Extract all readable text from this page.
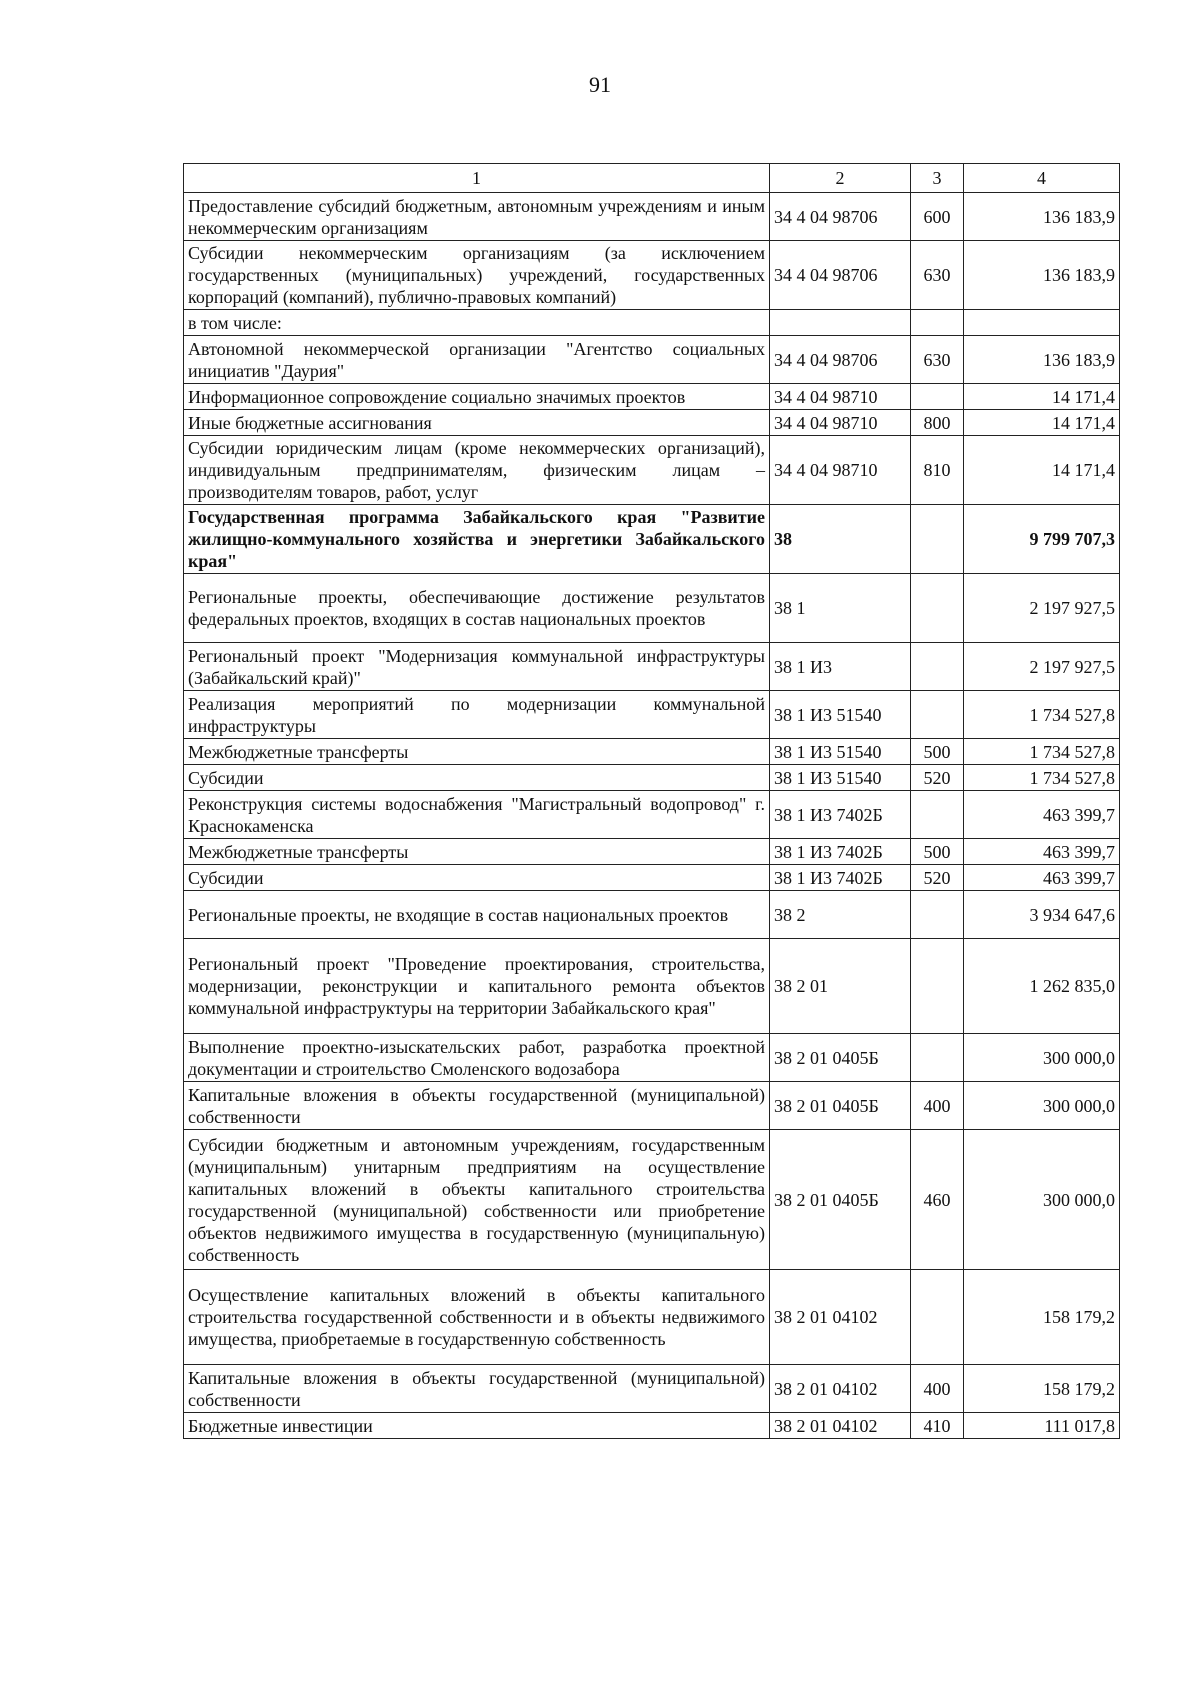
91
1	2	3	4
Предоставление субсидий бюджетным, автономным учреждениям и иным некоммерческим организациям	34 4 04 98706	600	136 183,9
Субсидии некоммерческим организациям (за исключением государственных (муниципальных) учреждений, государственных корпораций (компаний), публично-правовых компаний)	34 4 04 98706	630	136 183,9
в том числе:			
Автономной некоммерческой организации "Агентство социальных инициатив "Даурия"	34 4 04 98706	630	136 183,9
Информационное сопровождение социально значимых проектов	34 4 04 98710		14 171,4
Иные бюджетные ассигнования	34 4 04 98710	800	14 171,4
Субсидии юридическим лицам (кроме некоммерческих организаций), индивидуальным предпринимателям, физическим лицам – производителям товаров, работ, услуг	34 4 04 98710	810	14 171,4
Государственная программа Забайкальского края "Развитие жилищно-коммунального хозяйства и энергетики Забайкальского края"	38		9 799 707,3
Региональные проекты, обеспечивающие достижение результатов федеральных проектов, входящих в состав национальных проектов	38 1		2 197 927,5
Региональный проект "Модернизация коммунальной инфраструктуры (Забайкальский край)"	38 1 И3		2 197 927,5
Реализация мероприятий по модернизации коммунальной инфраструктуры	38 1 И3 51540		1 734 527,8
Межбюджетные трансферты	38 1 И3 51540	500	1 734 527,8
Субсидии	38 1 И3 51540	520	1 734 527,8
Реконструкция системы водоснабжения "Магистральный водопровод" г. Краснокаменска	38 1 И3 7402Б		463 399,7
Межбюджетные трансферты	38 1 И3 7402Б	500	463 399,7
Субсидии	38 1 И3 7402Б	520	463 399,7
Региональные проекты, не входящие в состав национальных проектов	38 2		3 934 647,6
Региональный проект "Проведение проектирования, строительства, модернизации, реконструкции и капитального ремонта объектов коммунальной инфраструктуры на территории Забайкальского края"	38 2 01		1 262 835,0
Выполнение проектно-изыскательских работ, разработка проектной документации и строительство Смоленского водозабора	38 2 01 0405Б		300 000,0
Капитальные вложения в объекты государственной (муниципальной) собственности	38 2 01 0405Б	400	300 000,0
Субсидии бюджетным и автономным учреждениям, государственным (муниципальным) унитарным предприятиям на осуществление капитальных вложений в объекты капитального строительства государственной (муниципальной) собственности или приобретение объектов недвижимого имущества в государственную (муниципальную) собственность	38 2 01 0405Б	460	300 000,0
Осуществление капитальных вложений в объекты капитального строительства государственной собственности и в объекты недвижимого имущества, приобретаемые в государственную собственность	38 2 01 04102		158 179,2
Капитальные вложения в объекты государственной (муниципальной) собственности	38 2 01 04102	400	158 179,2
Бюджетные инвестиции	38 2 01 04102	410	111 017,8
